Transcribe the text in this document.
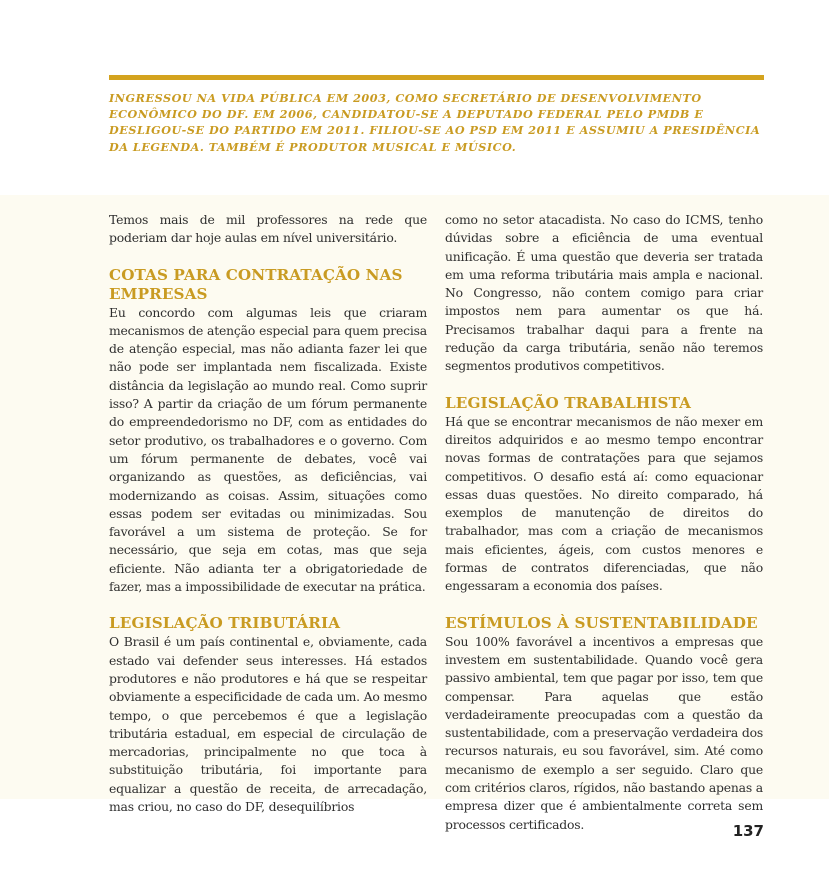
INGRESSOU NA VIDA PÚBLICA EM 2003, COMO SECRETÁRIO DE DESENVOLVIMENTO ECONÔMICO DO DF. EM 2006, CANDIDATOU-SE A DEPUTADO FEDERAL PELO PMDB E DESLIGOU-SE DO PARTIDO EM 2011. FILIOU-SE AO PSD EM 2011 E ASSUMIU A PRESIDÊNCIA DA LEGENDA. TAMBÉM É PRODUTOR MUSICAL E MÚSICO.

Temos mais de mil professores na rede que poderiam dar hoje aulas em nível universitário.

COTAS PARA CONTRATAÇÃO NAS EMPRESAS

Eu concordo com algumas leis que criaram mecanismos de atenção especial para quem precisa de atenção especial, mas não adianta fazer lei que não pode ser implantada nem fiscalizada. Existe distância da legislação ao mundo real. Como suprir isso? A partir da criação de um fórum permanente do empreendedorismo no DF, com as entidades do setor produtivo, os trabalhadores e o governo. Com um fórum permanente de debates, você vai organizando as questões, as deficiências, vai modernizando as coisas. Assim, situações como essas podem ser evitadas ou minimizadas. Sou favorável a um sistema de proteção. Se for necessário, que seja em cotas, mas que seja eficiente. Não adianta ter a obrigatoriedade de fazer, mas a impossibilidade de executar na prática.

LEGISLAÇÃO TRIBUTÁRIA

O Brasil é um país continental e, obviamente, cada estado vai defender seus interesses. Há estados produtores e não produtores e há que se respeitar obviamente a especificidade de cada um. Ao mesmo tempo, o que percebemos é que a legislação tributária estadual, em especial de circulação de mercadorias, principalmente no que toca à substituição tributária, foi importante para equalizar a questão de receita, de arrecadação, mas criou, no caso do DF, desequilíbrios

como no setor atacadista. No caso do ICMS, tenho dúvidas sobre a eficiência de uma eventual unificação. É uma questão que deveria ser tratada em uma reforma tributária mais ampla e nacional. No Congresso, não contem comigo para criar impostos nem para aumentar os que há. Precisamos trabalhar daqui para a frente na redução da carga tributária, senão não teremos segmentos produtivos competitivos.

LEGISLAÇÃO TRABALHISTA

Há que se encontrar mecanismos de não mexer em direitos adquiridos e ao mesmo tempo encontrar novas formas de contratações para que sejamos competitivos. O desafio está aí: como equacionar essas duas questões. No direito comparado, há exemplos de manutenção de direitos do trabalhador, mas com a criação de mecanismos mais eficientes, ágeis, com custos menores e formas de contratos diferenciadas, que não engessaram a economia dos países.

ESTÍMULOS À SUSTENTABILIDADE

Sou 100% favorável a incentivos a empresas que investem em sustentabilidade. Quando você gera passivo ambiental, tem que pagar por isso, tem que compensar. Para aquelas que estão verdadeiramente preocupadas com a questão da sustentabilidade, com a preservação verdadeira dos recursos naturais, eu sou favorável, sim. Até como mecanismo de exemplo a ser seguido. Claro que com critérios claros, rígidos, não bastando apenas a empresa dizer que é ambientalmente correta sem processos certificados.	137
